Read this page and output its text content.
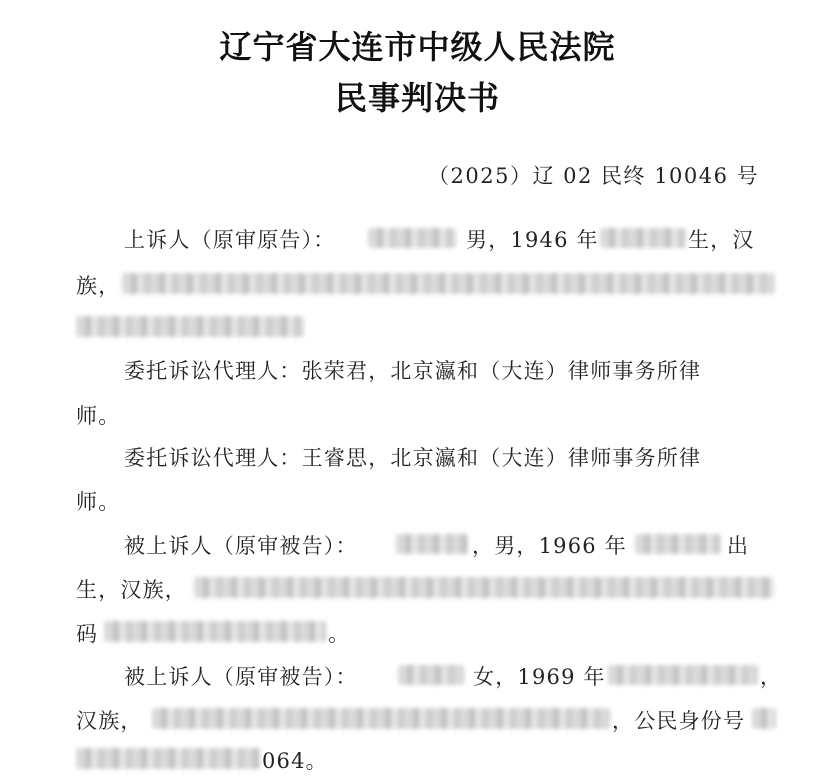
辽宁省大连市中级人民法院
民事判决书
（2025）辽 02 民终 10046 号
上诉人（原审原告）：	男，1946 年	生，汉
族，
委托诉讼代理人：张荣君，北京瀛和（大连）律师事务所律
师。
委托诉讼代理人：王睿思，北京瀛和（大连）律师事务所律
师。
被上诉人（原审被告）：	，男，1966 年	出
生，汉族，
码	。
被上诉人（原审被告）：	女，1969 年	，
汉族，	，公民身份号
064。
